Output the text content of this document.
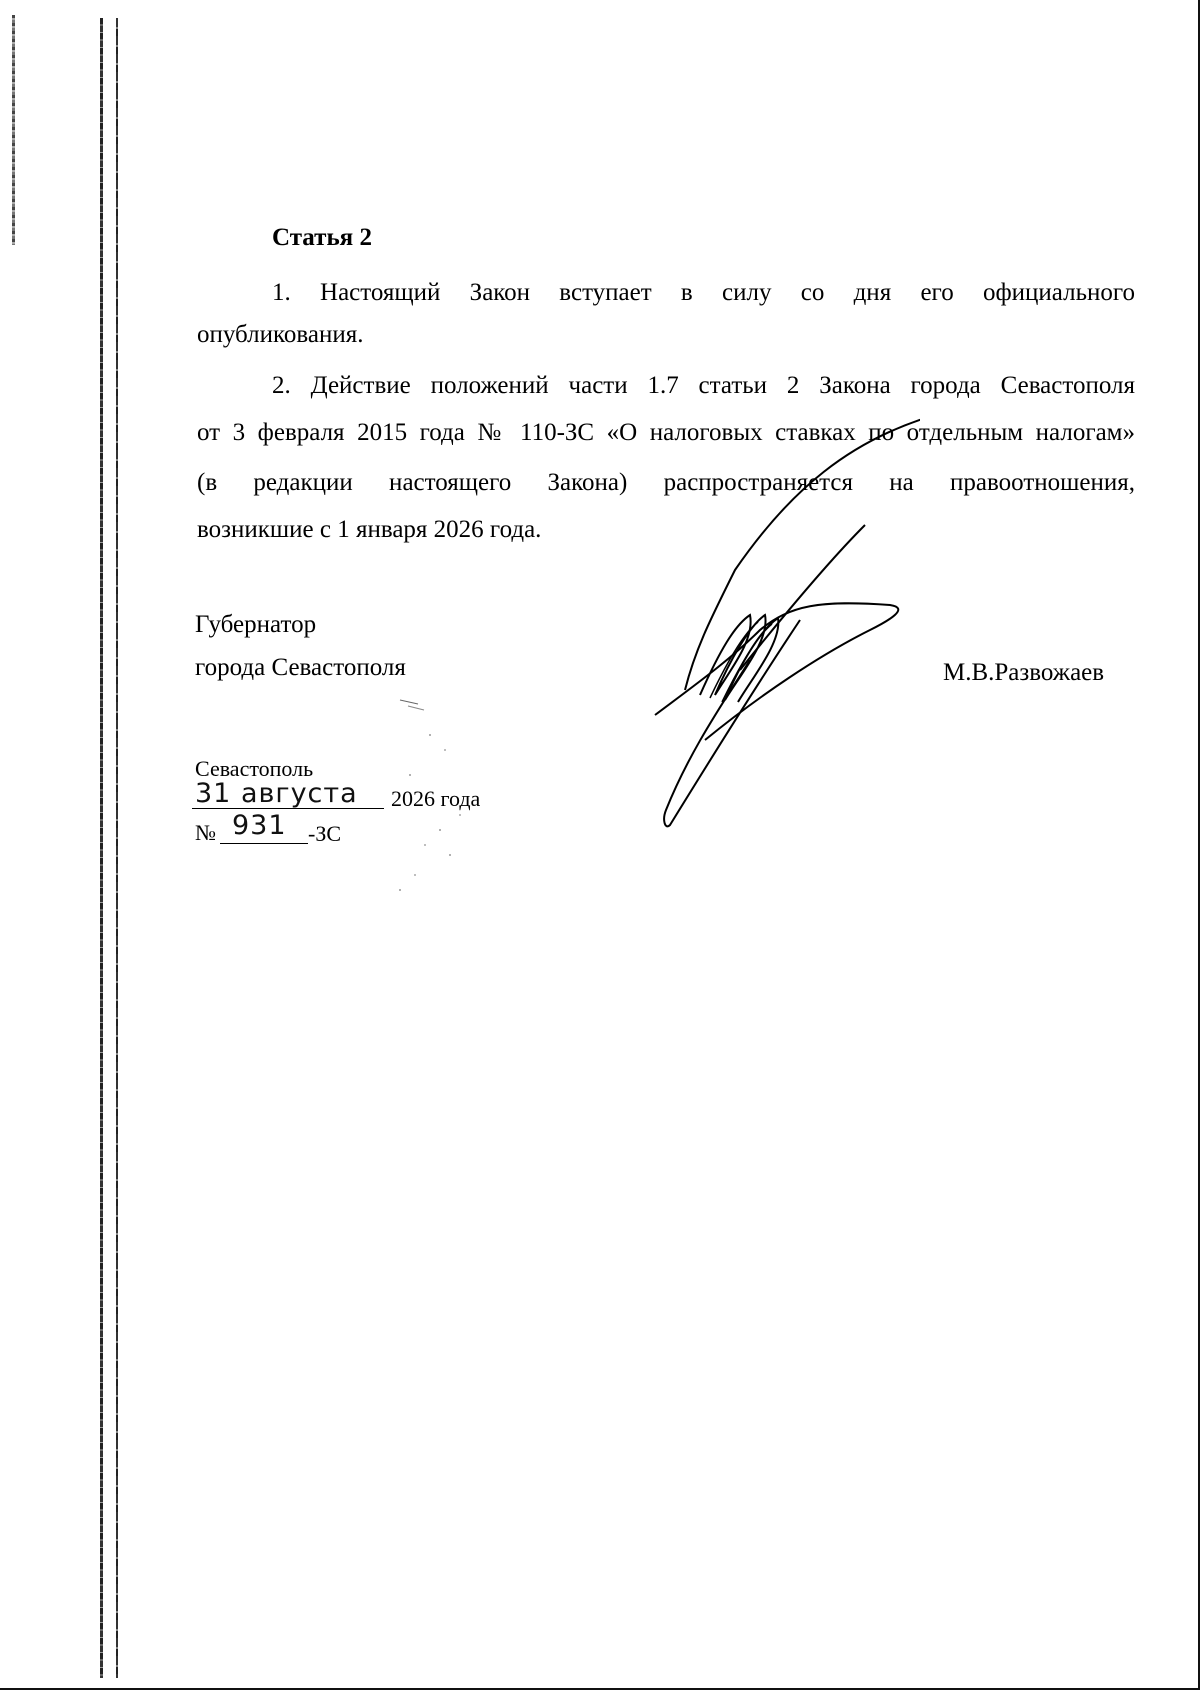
Статья 2
1. Настоящий Закон вступает в силу со дня его официального
опубликования.
2. Действие положений части 1.7 статьи 2 Закона города Севастополя
от 3 февраля 2015 года № 110-ЗС «О налоговых ставках по отдельным налогам»
(в редакции настоящего Закона) распространяется на правоотношения,
возникшие с 1 января 2026 года.
Губернатор
города Севастополя	М.В.Развожаев
Севастополь
31 августа 2026 года
№ 931 -ЗС
